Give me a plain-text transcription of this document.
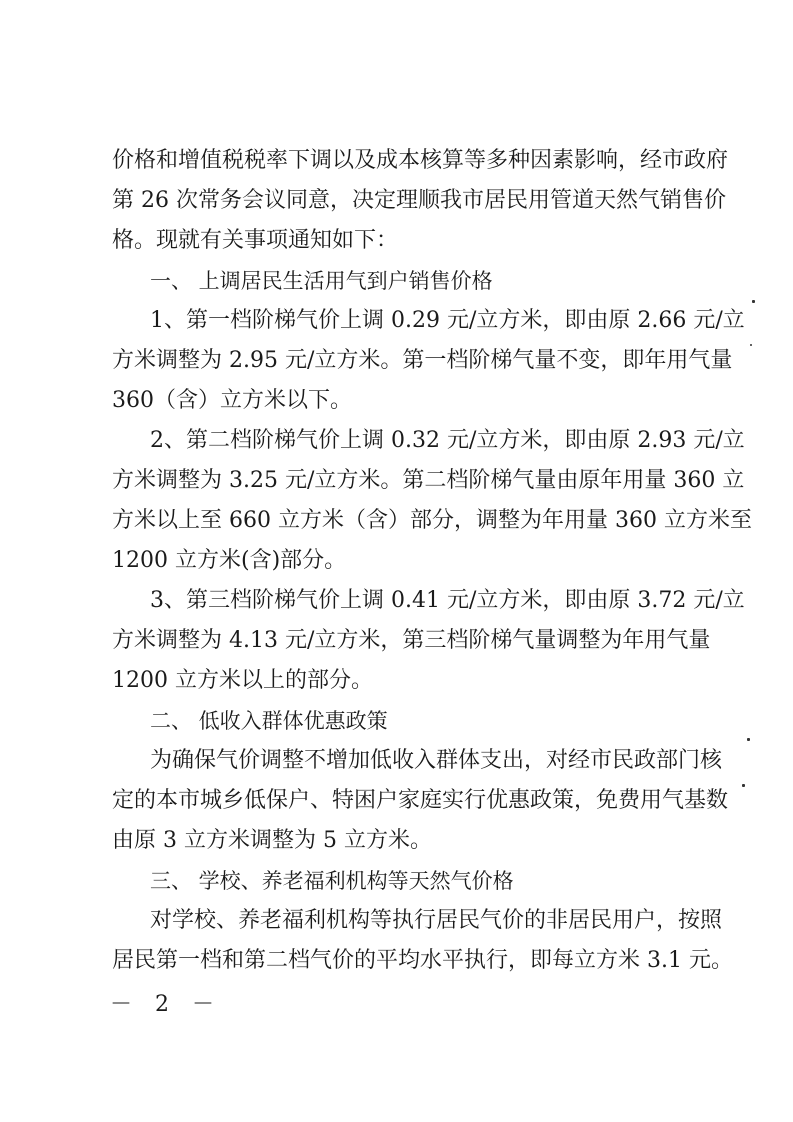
价格和增值税税率下调以及成本核算等多种因素影响，经市政府
第 26 次常务会议同意，决定理顺我市居民用管道天然气销售价
格。现就有关事项通知如下：
一、 上调居民生活用气到户销售价格
1、第一档阶梯气价上调 0.29 元/立方米，即由原 2.66 元/立
方米调整为 2.95 元/立方米。第一档阶梯气量不变，即年用气量
360（含）立方米以下。
2、第二档阶梯气价上调 0.32 元/立方米，即由原 2.93 元/立
方米调整为 3.25 元/立方米。第二档阶梯气量由原年用量 360 立
方米以上至 660 立方米（含）部分，调整为年用量 360 立方米至
1200 立方米(含)部分。
3、第三档阶梯气价上调 0.41 元/立方米，即由原 3.72 元/立
方米调整为 4.13 元/立方米，第三档阶梯气量调整为年用气量
1200 立方米以上的部分。
二、 低收入群体优惠政策
为确保气价调整不增加低收入群体支出，对经市民政部门核
定的本市城乡低保户、特困户家庭实行优惠政策，免费用气基数
由原 3 立方米调整为 5 立方米。
三、 学校、养老福利机构等天然气价格
对学校、养老福利机构等执行居民气价的非居民用户，按照
居民第一档和第二档气价的平均水平执行，即每立方米 3.1 元。
－ 2 －
